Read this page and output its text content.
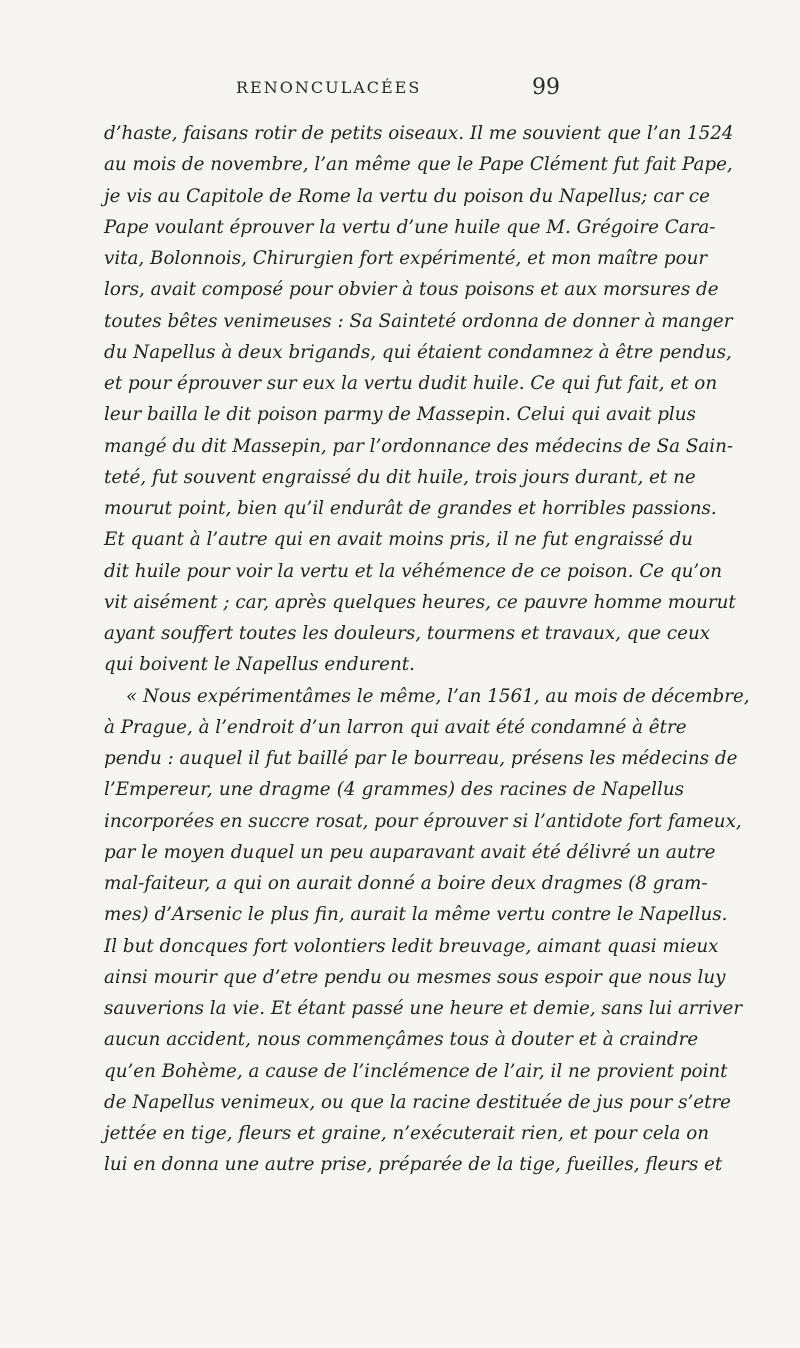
RENONCULACÉES	99
d’haste, faisans rotir de petits oiseaux. Il me souvient que l’an 1524
au mois de novembre, l’an même que le Pape Clément fut fait Pape,
je vis au Capitole de Rome la vertu du poison du Napellus; car ce
Pape voulant éprouver la vertu d’une huile que M. Grégoire Cara-
vita, Bolonnois, Chirurgien fort expérimenté, et mon maître pour
lors, avait composé pour obvier à tous poisons et aux morsures de
toutes bêtes venimeuses : Sa Sainteté ordonna de donner à manger
du Napellus à deux brigands, qui étaient condamnez à être pendus,
et pour éprouver sur eux la vertu dudit huile. Ce qui fut fait, et on
leur bailla le dit poison parmy de Massepin. Celui qui avait plus
mangé du dit Massepin, par l’ordonnance des médecins de Sa Sain-
teté, fut souvent engraissé du dit huile, trois jours durant, et ne
mourut point, bien qu’il endurât de grandes et horribles passions.
Et quant à l’autre qui en avait moins pris, il ne fut engraissé du
dit huile pour voir la vertu et la véhémence de ce poison. Ce qu’on
vit aisément ; car, après quelques heures, ce pauvre homme mourut
ayant souffert toutes les douleurs, tourmens et travaux, que ceux
qui boivent le Napellus endurent.
« Nous expérimentâmes le même, l’an 1561, au mois de décembre,
à Prague, à l’endroit d’un larron qui avait été condamné à être
pendu : auquel il fut baillé par le bourreau, présens les médecins de
l’Empereur, une dragme (4 grammes) des racines de Napellus
incorporées en succre rosat, pour éprouver si l’antidote fort fameux,
par le moyen duquel un peu auparavant avait été délivré un autre
mal-faiteur, a qui on aurait donné a boire deux dragmes (8 gram-
mes) d’Arsenic le plus fin, aurait la même vertu contre le Napellus.
Il but doncques fort volontiers ledit breuvage, aimant quasi mieux
ainsi mourir que d’etre pendu ou mesmes sous espoir que nous luy
sauverions la vie. Et étant passé une heure et demie, sans lui arriver
aucun accident, nous commençâmes tous à douter et à craindre
qu’en Bohème, a cause de l’inclémence de l’air, il ne provient point
de Napellus venimeux, ou que la racine destituée de jus pour s’etre
jettée en tige, fleurs et graine, n’exécuterait rien, et pour cela on
lui en donna une autre prise, préparée de la tige, fueilles, fleurs et
